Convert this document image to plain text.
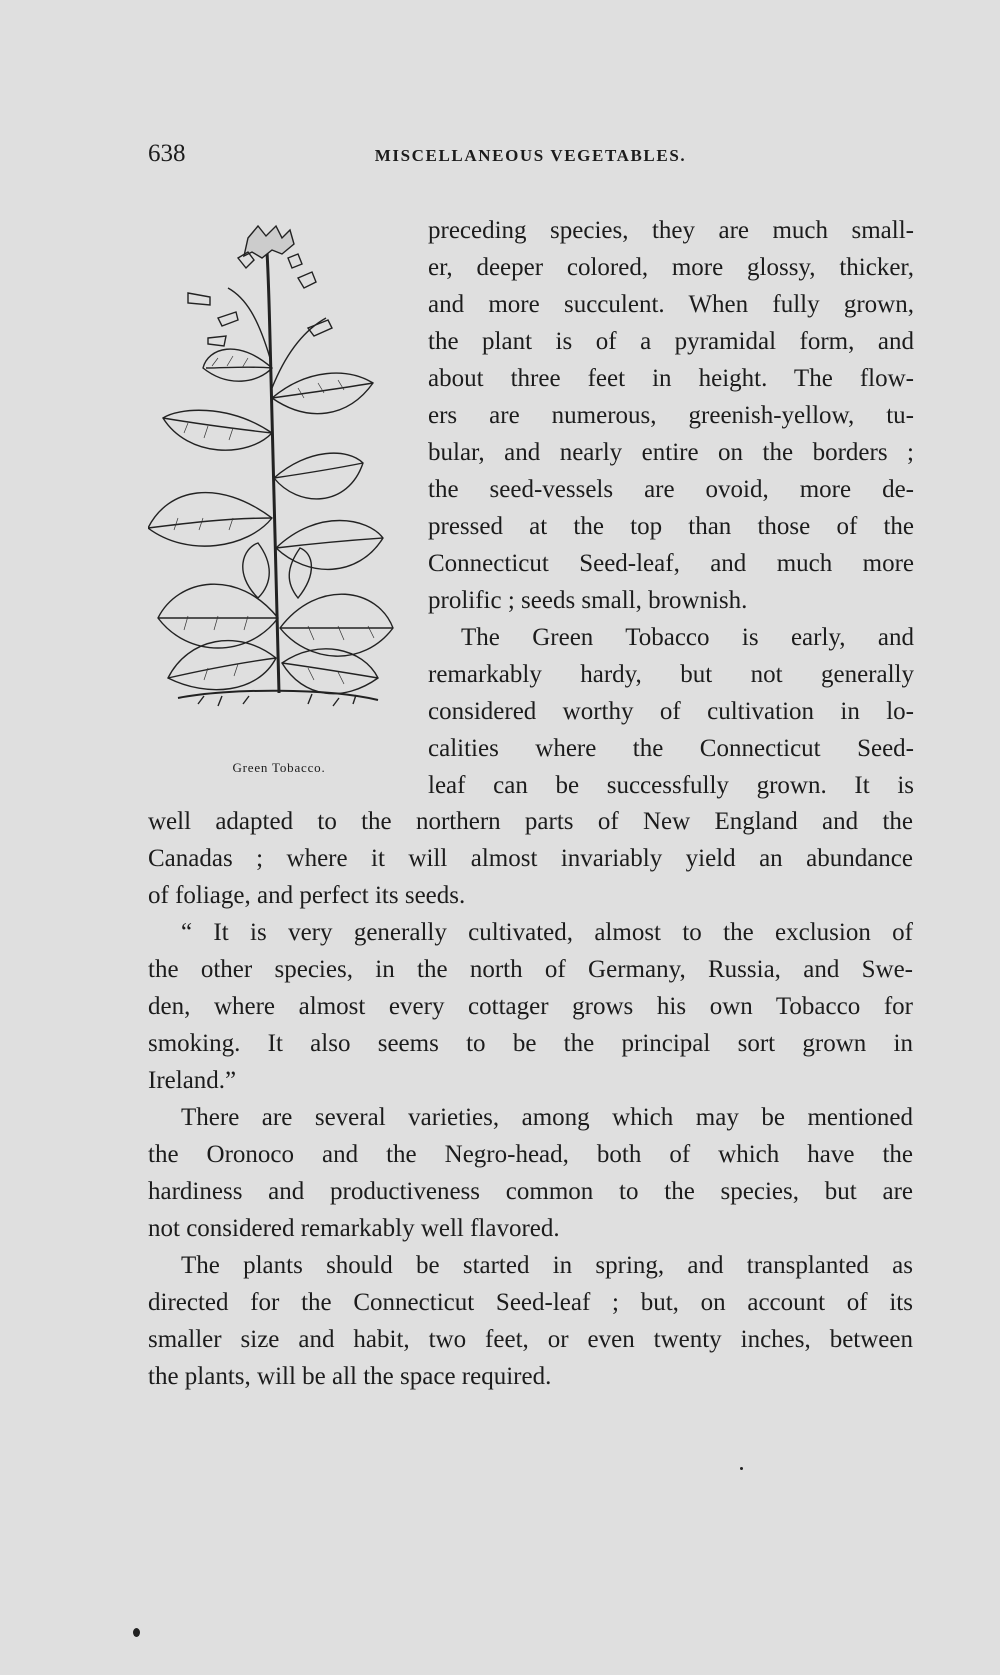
638	MISCELLANEOUS VEGETABLES.
Green Tobacco.
preceding species, they are much small-
er, deeper colored, more glossy, thicker,
and more succulent. When fully grown,
the plant is of a pyramidal form, and
about three feet in height. The flow-
ers are numerous, greenish-yellow, tu-
bular, and nearly entire on the borders ;
the seed-vessels are ovoid, more de-
pressed at the top than those of the
Connecticut Seed-leaf, and much more
prolific ; seeds small, brownish.
The Green Tobacco is early, and
remarkably hardy, but not generally
considered worthy of cultivation in lo-
calities where the Connecticut Seed-
leaf can be successfully grown. It is
well adapted to the northern parts of New England and the
Canadas ; where it will almost invariably yield an abundance
of foliage, and perfect its seeds.
“ It is very generally cultivated, almost to the exclusion of
the other species, in the north of Germany, Russia, and Swe-
den, where almost every cottager grows his own Tobacco for
smoking. It also seems to be the principal sort grown in
Ireland.”
There are several varieties, among which may be mentioned
the Oronoco and the Negro-head, both of which have the
hardiness and productiveness common to the species, but are
not considered remarkably well flavored.
The plants should be started in spring, and transplanted as
directed for the Connecticut Seed-leaf ; but, on account of its
smaller size and habit, two feet, or even twenty inches, between
the plants, will be all the space required.
